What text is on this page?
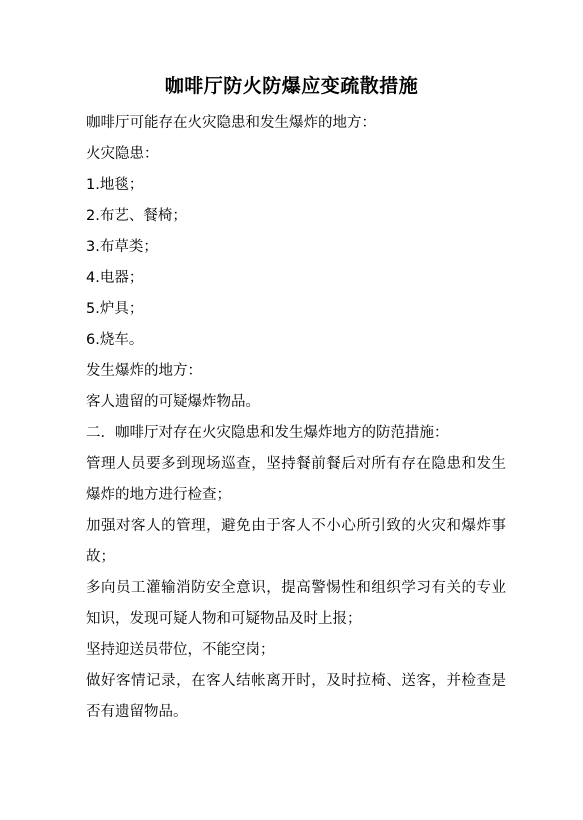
咖啡厅防火防爆应变疏散措施

咖啡厅可能存在火灾隐患和发生爆炸的地方：

火灾隐患：

1.地毯；

2.布艺、餐椅；

3.布草类；

4.电器；

5.炉具；

6.烧车。

发生爆炸的地方：

客人遗留的可疑爆炸物品。

二．咖啡厅对存在火灾隐患和发生爆炸地方的防范措施：

管理人员要多到现场巡查，坚持餐前餐后对所有存在隐患和发生爆炸的地方进行检查；

加强对客人的管理，避免由于客人不小心所引致的火灾和爆炸事故；

多向员工灌输消防安全意识，提高警惕性和组织学习有关的专业知识，发现可疑人物和可疑物品及时上报；

坚持迎送员带位，不能空岗；

做好客情记录，在客人结帐离开时，及时拉椅、送客，并检查是否有遗留物品。
